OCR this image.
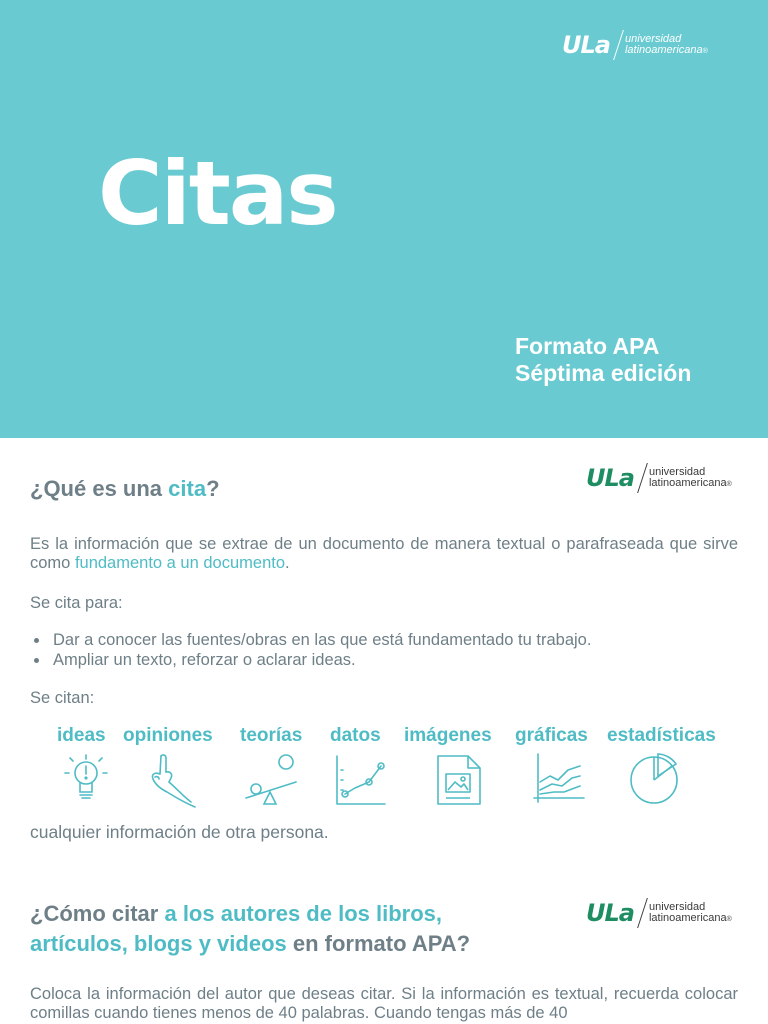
ULa universidad
latinoamericana®
Citas
Formato APA
Séptima edición
¿Qué es una cita?	ULa universidad
latinoamericana®

Es la información que se extrae de un documento de manera textual o parafraseada que sirve como fundamento a un documento.

Se cita para:

Dar a conocer las fuentes/obras en las que está fundamentado tu trabajo.
Ampliar un texto, reforzar o aclarar ideas.

Se citan:

ideas opiniones teorías datos imágenes gráficas estadísticas

cualquier información de otra persona.

¿Cómo citar a los autores de los libros,
artículos, blogs y videos en formato APA?
ULa universidad
latinoamericana®

Coloca la información del autor que deseas citar. Si la información es textual, recuerda colocar comillas cuando tienes menos de 40 palabras. Cuando tengas más de 40
